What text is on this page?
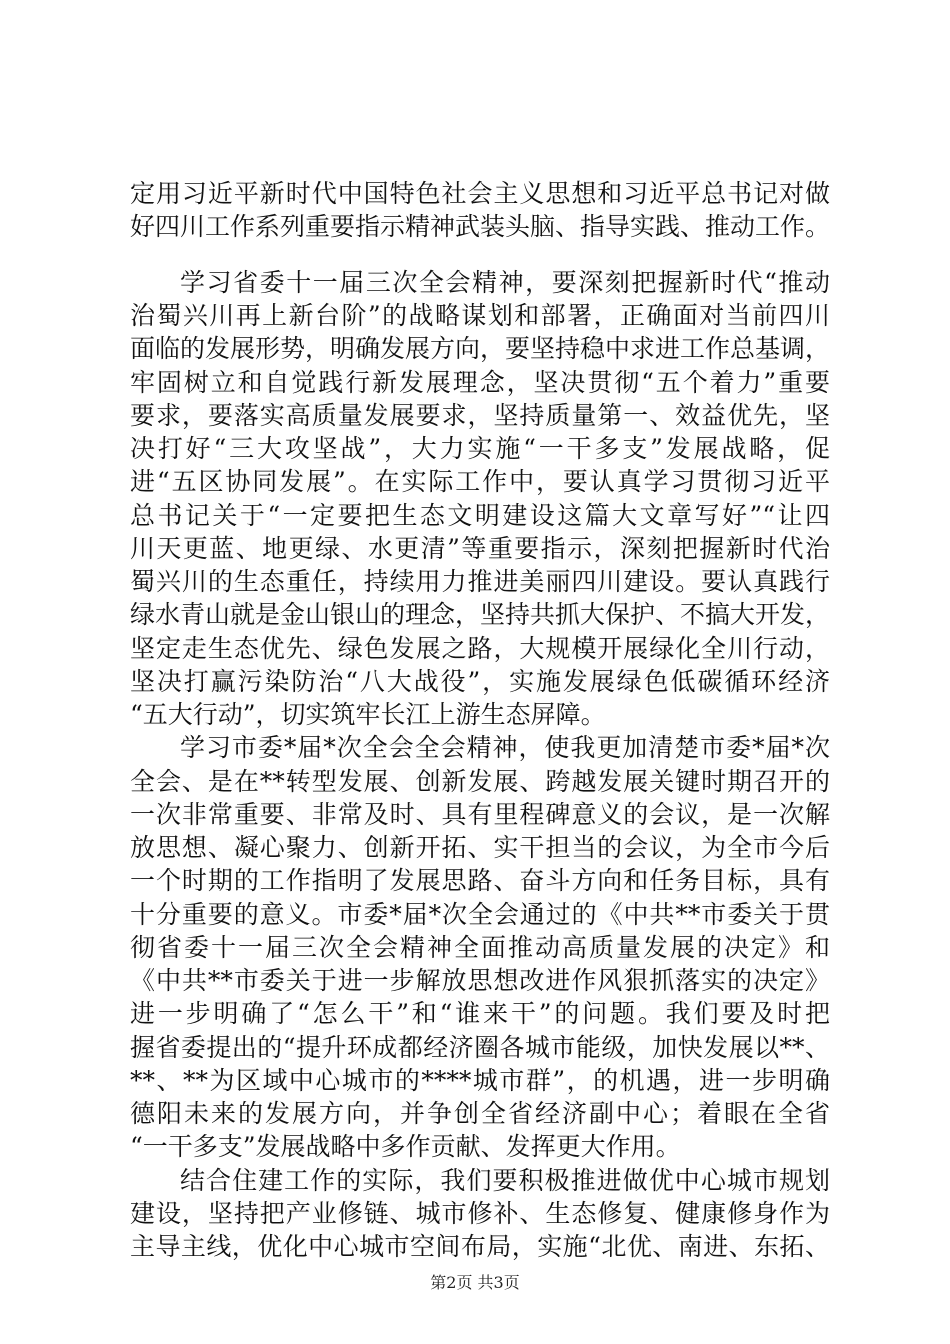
定用习近平新时代中国特色社会主义思想和习近平总书记对做
好四川工作系列重要指示精神武装头脑、指导实践、推动工作。
学习省委十一届三次全会精神，要深刻把握新时代“推动
治蜀兴川再上新台阶”的战略谋划和部署，正确面对当前四川
面临的发展形势，明确发展方向，要坚持稳中求进工作总基调，
牢固树立和自觉践行新发展理念，坚决贯彻“五个着力”重要
要求，要落实高质量发展要求，坚持质量第一、效益优先，坚
决打好“三大攻坚战”，大力实施“一干多支”发展战略，促
进“五区协同发展”。在实际工作中，要认真学习贯彻习近平
总书记关于“一定要把生态文明建设这篇大文章写好”“让四
川天更蓝、地更绿、水更清”等重要指示，深刻把握新时代治
蜀兴川的生态重任，持续用力推进美丽四川建设。要认真践行
绿水青山就是金山银山的理念，坚持共抓大保护、不搞大开发，
坚定走生态优先、绿色发展之路，大规模开展绿化全川行动，
坚决打赢污染防治“八大战役”，实施发展绿色低碳循环经济
“五大行动”，切实筑牢长江上游生态屏障。
学习市委*届*次全会全会精神，使我更加清楚市委*届*次
全会、是在**转型发展、创新发展、跨越发展关键时期召开的
一次非常重要、非常及时、具有里程碑意义的会议，是一次解
放思想、凝心聚力、创新开拓、实干担当的会议，为全市今后
一个时期的工作指明了发展思路、奋斗方向和任务目标，具有
十分重要的意义。市委*届*次全会通过的《中共**市委关于贯
彻省委十一届三次全会精神全面推动高质量发展的决定》和
《中共**市委关于进一步解放思想改进作风狠抓落实的决定》
进一步明确了“怎么干”和“谁来干”的问题。我们要及时把
握省委提出的“提升环成都经济圈各城市能级，加快发展以**、
**、**为区域中心城市的****城市群”，的机遇，进一步明确
德阳未来的发展方向，并争创全省经济副中心；着眼在全省
“一干多支”发展战略中多作贡献、发挥更大作用。
结合住建工作的实际，我们要积极推进做优中心城市规划
建设，坚持把产业修链、城市修补、生态修复、健康修身作为
主导主线，优化中心城市空间布局，实施“北优、南进、东拓、
第2页 共3页
